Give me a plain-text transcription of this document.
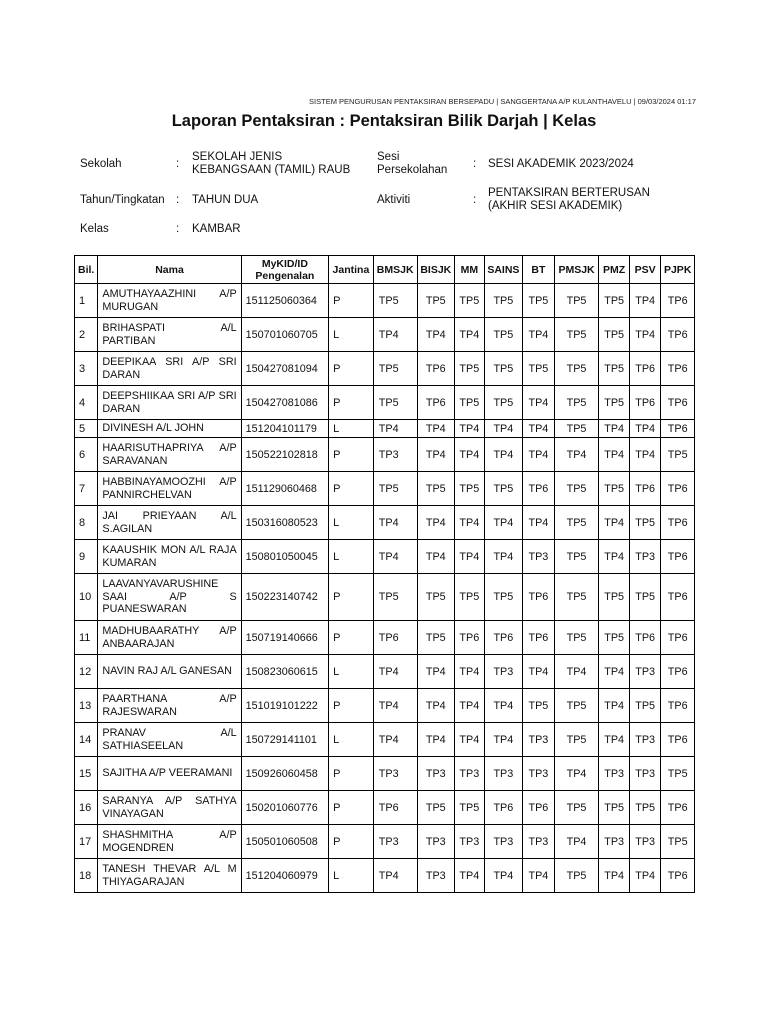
SISTEM PENGURUSAN PENTAKSIRAN BERSEPADU | SANGGERTANA A/P KULANTHAVELU | 09/03/2024 01:17
Laporan Pentaksiran : Pentaksiran Bilik Darjah | Kelas
Sekolah	:
SEKOLAH JENIS
KEBANGSAAN (TAMIL) RAUB
Sesi
Persekolahan : SESI AKADEMIK 2023/2024
Tahun/Tingkatan : TAHUN DUA	Aktiviti	:
PENTAKSIRAN BERTERUSAN
(AKHIR SESI AKADEMIK)
Kelas	: KAMBAR
Bil.	Nama	MyKID/ID
Pengenalan	Jantina	BMSJK	BISJK	MM	SAINS	BT	PMSJK	PMZ	PSV	PJPK
1	AMUTHAYAAZHINI A/P MURUGAN	151125060364	P	TP5	TP5	TP5	TP5	TP5	TP5	TP5	TP4	TP6
2	BRIHASPATI A/L PARTIBAN	150701060705	L	TP4	TP4	TP4	TP5	TP4	TP5	TP5	TP4	TP6
3	DEEPIKAA SRI A/P SRI DARAN	150427081094	P	TP5	TP6	TP5	TP5	TP5	TP5	TP5	TP6	TP6
4	DEEPSHIIKAA SRI A/P SRI DARAN	150427081086	P	TP5	TP6	TP5	TP5	TP4	TP5	TP5	TP6	TP6
5	DIVINESH A/L JOHN	151204101179	L	TP4	TP4	TP4	TP4	TP4	TP5	TP4	TP4	TP6
6	HAARISUTHAPRIYA A/P SARAVANAN	150522102818	P	TP3	TP4	TP4	TP4	TP4	TP4	TP4	TP4	TP5
7	HABBINAYAMOOZHI A/P PANNIRCHELVAN	151129060468	P	TP5	TP5	TP5	TP5	TP6	TP5	TP5	TP6	TP6
8	JAI PRIEYAAN A/L S.AGILAN	150316080523	L	TP4	TP4	TP4	TP4	TP4	TP5	TP4	TP5	TP6
9	KAAUSHIK MON A/L RAJA KUMARAN	150801050045	L	TP4	TP4	TP4	TP4	TP3	TP5	TP4	TP3	TP6
10	LAAVANYAVARUSHINE SAAI A/P S PUANESWARAN	150223140742	P	TP5	TP5	TP5	TP5	TP6	TP5	TP5	TP5	TP6
11	MADHUBAARATHY A/P ANBAARAJAN	150719140666	P	TP6	TP5	TP6	TP6	TP6	TP5	TP5	TP6	TP6
12	NAVIN RAJ A/L GANESAN	150823060615	L	TP4	TP4	TP4	TP3	TP4	TP4	TP4	TP3	TP6
13	PAARTHANA A/P RAJESWARAN	151019101222	P	TP4	TP4	TP4	TP4	TP5	TP5	TP4	TP5	TP6
14	PRANAV A/L SATHIASEELAN	150729141101	L	TP4	TP4	TP4	TP4	TP3	TP5	TP4	TP3	TP6
15	SAJITHA A/P VEERAMANI	150926060458	P	TP3	TP3	TP3	TP3	TP3	TP4	TP3	TP3	TP5
16	SARANYA A/P SATHYA VINAYAGAN	150201060776	P	TP6	TP5	TP5	TP6	TP6	TP5	TP5	TP5	TP6
17	SHASHMITHA A/P MOGENDREN	150501060508	P	TP3	TP3	TP3	TP3	TP3	TP4	TP3	TP3	TP5
18	TANESH THEVAR A/L M THIYAGARAJAN	151204060979	L	TP4	TP3	TP4	TP4	TP4	TP5	TP4	TP4	TP6
